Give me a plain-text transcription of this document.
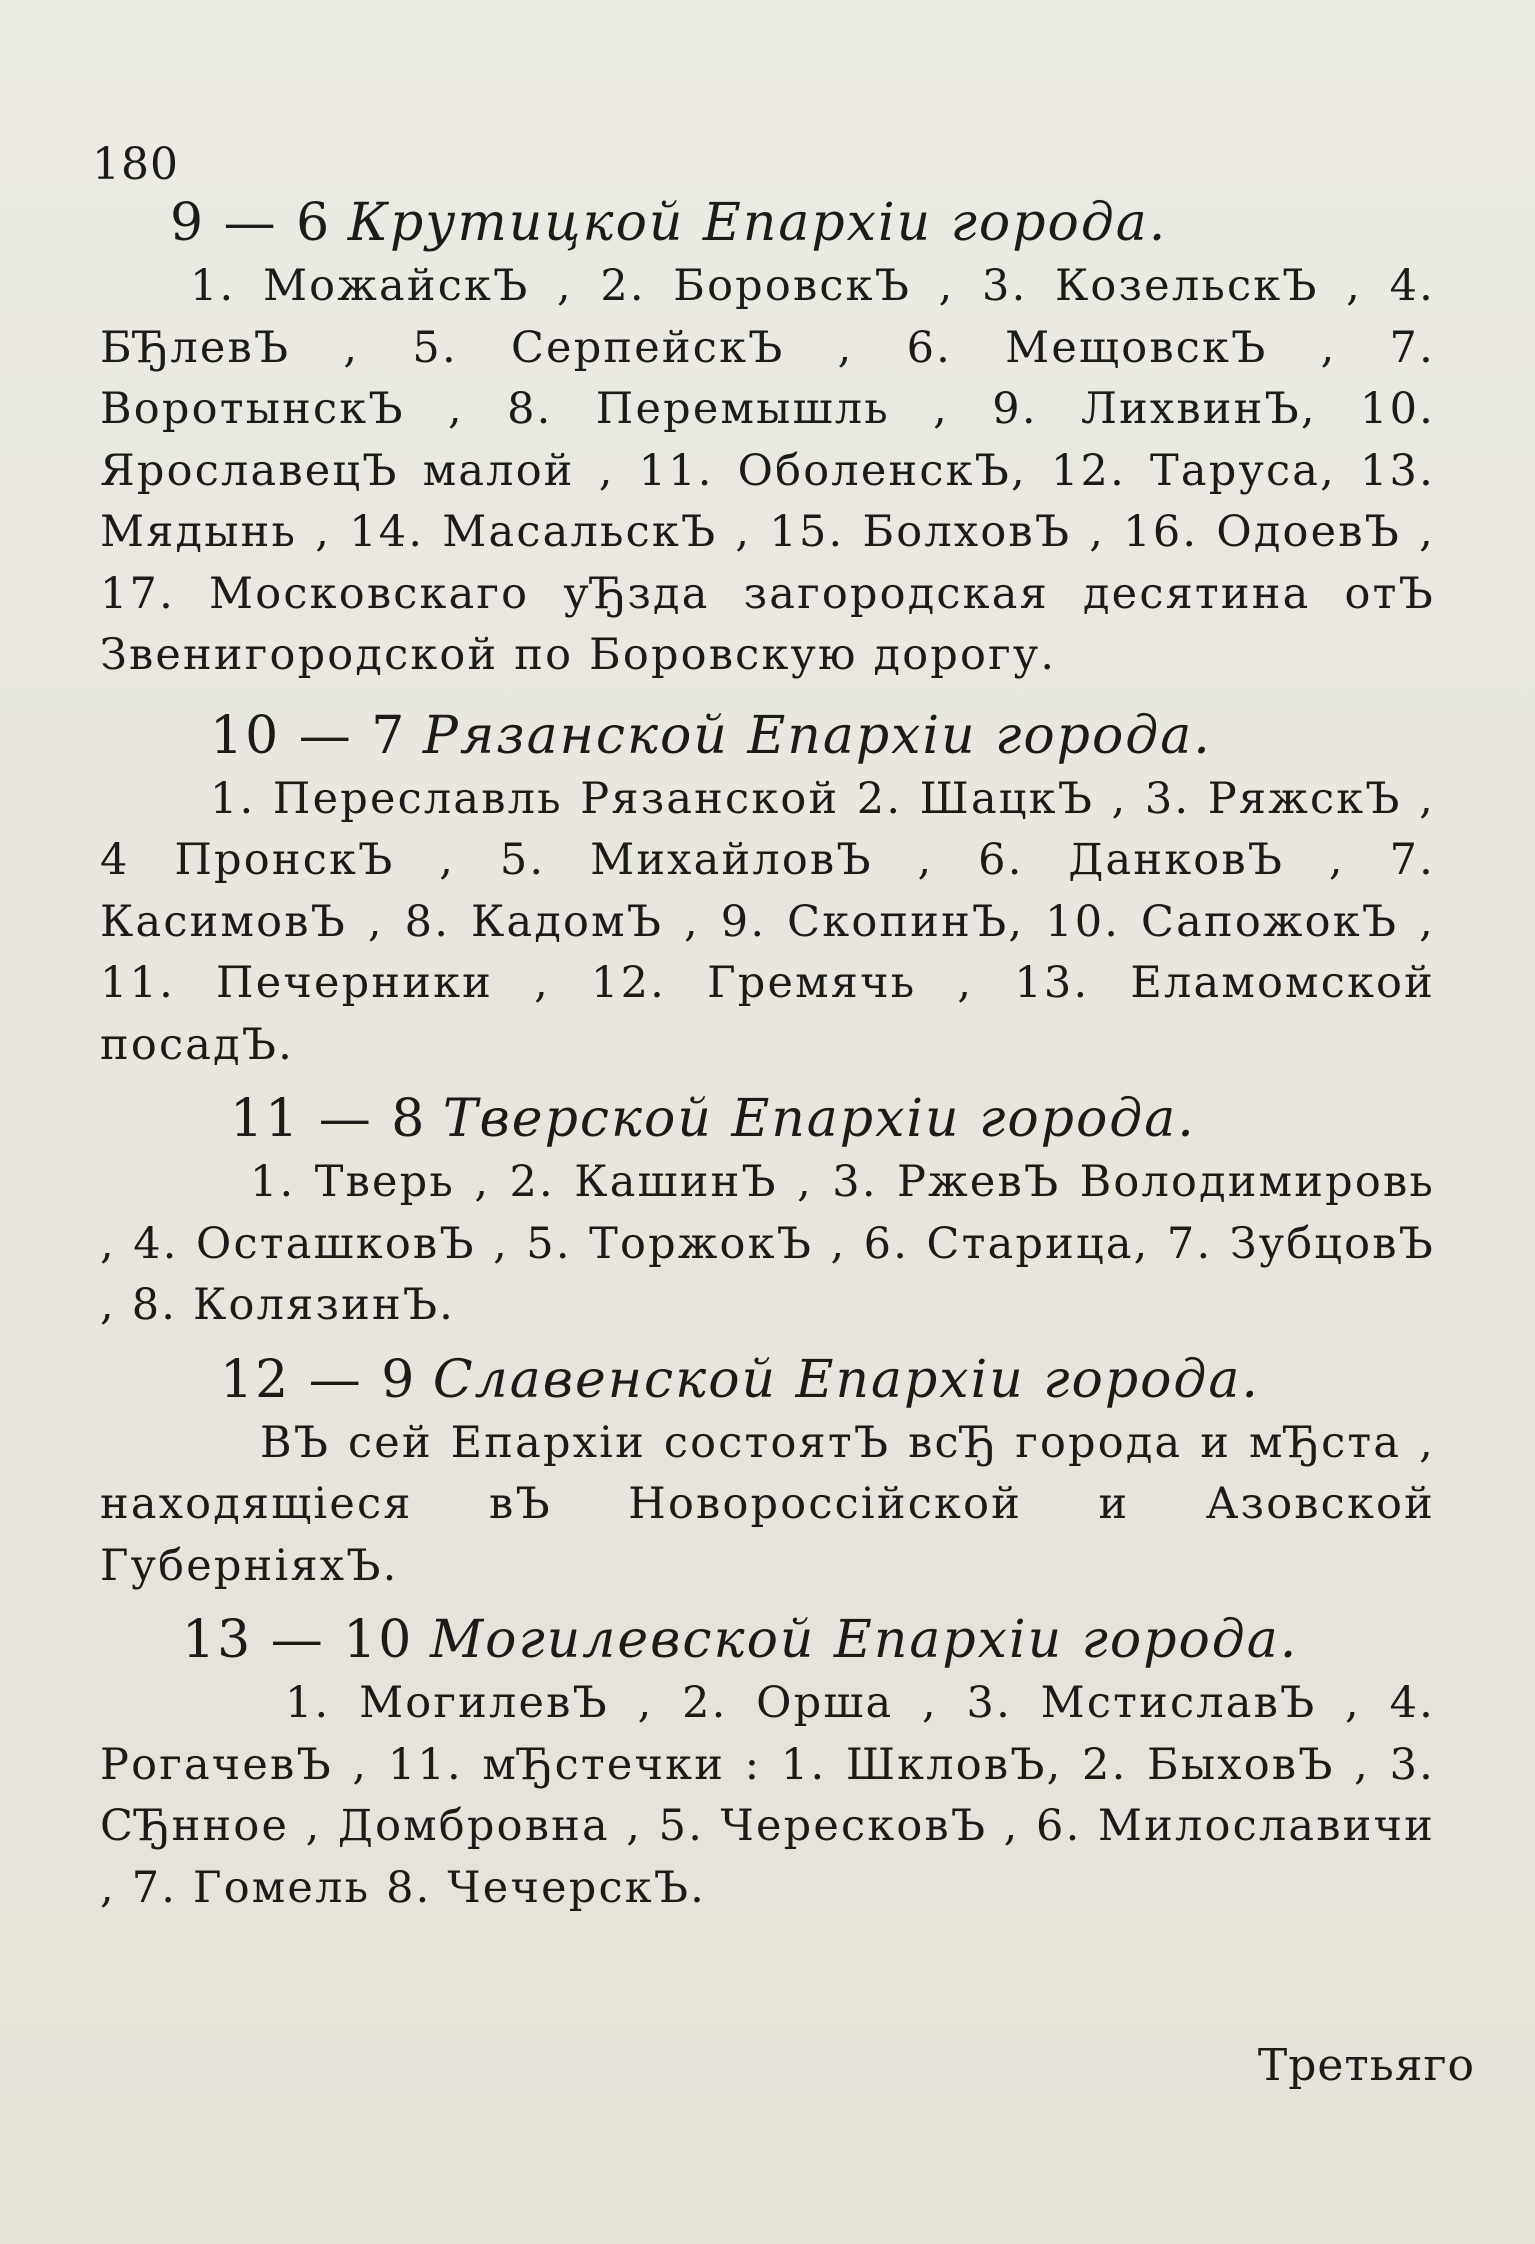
180
9 — 6 Крутицкой Епархіи города.

1. МожайскЪ , 2. БоровскЪ , 3. КозельскЪ , 4. БЂлевЪ , 5. СерпейскЪ , 6. МещовскЪ , 7. ВоротынскЪ , 8. Перемышль , 9. ЛихвинЪ, 10. ЯрославецЪ малой , 11. ОболенскЪ, 12. Таруса, 13. Мядынь , 14. МасальскЪ , 15. БолховЪ , 16. ОдоевЪ , 17. Московскаго уЂзда загородская десятина отЪ Звенигородской по Боровскую дорогу.

10 — 7 Рязанской Епархіи города.

1. Переславль Рязанской 2. ШацкЪ , 3. РяжскЪ , 4 ПронскЪ , 5. МихайловЪ , 6. ДанковЪ , 7. КасимовЪ , 8. КадомЪ , 9. СкопинЪ, 10. СапожокЪ , 11. Печерники , 12. Гремячь , 13. Еламомской посадЪ.

11 — 8 Тверской Епархіи города.

1. Тверь , 2. КашинЪ , 3. РжевЪ Володимировь , 4. ОсташковЪ , 5. ТоржокЪ , 6. Старица, 7. ЗубцовЪ , 8. КолязинЪ.

12 — 9 Славенской Епархіи города.

ВЪ сей Епархіи состоятЪ всЂ города и мЂста , находящіеся вЪ Новороссійской и Азовской ГуберніяхЪ.

13 — 10 Могилевской Епархіи города.

1. МогилевЪ , 2. Орша , 3. МстиславЪ , 4. РогачевЪ , 11. мЂстечки : 1. ШкловЪ, 2. БыховЪ , 3. СЂнное , Домбровна , 5. ЧересковЪ , 6. Милославичи , 7. Гомель 8. ЧечерскЪ.

Третьяго
